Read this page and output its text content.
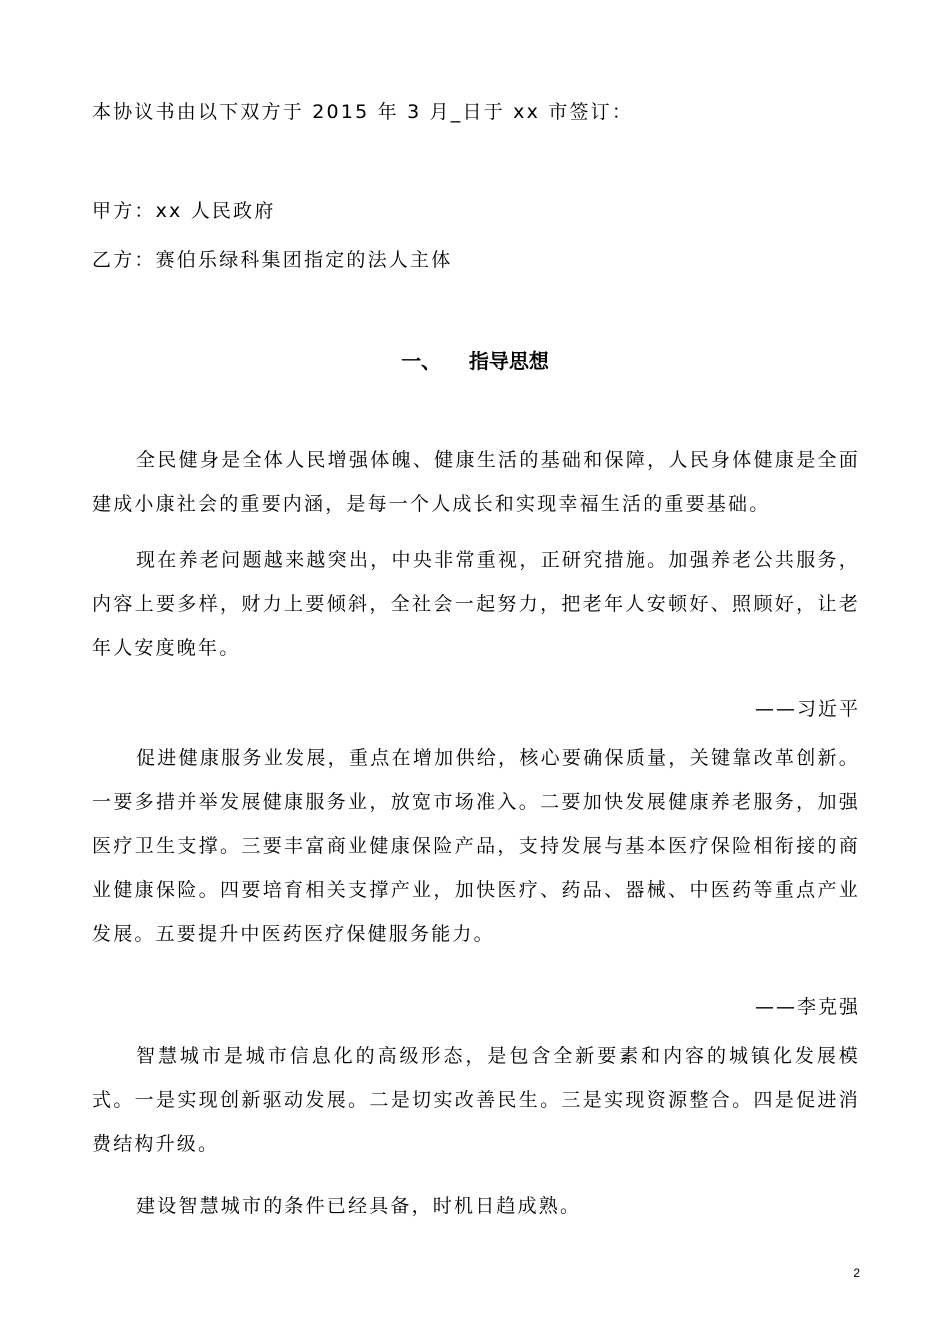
本协议书由以下双方于 2015 年 3 月_日于 xx 市签订：
甲方：xx 人民政府
乙方：赛伯乐绿科集团指定的法人主体
一、    指导思想
全民健身是全体人民增强体魄、健康生活的基础和保障，人民身体健康是全面建成小康社会的重要内涵，是每一个人成长和实现幸福生活的重要基础。
现在养老问题越来越突出，中央非常重视，正研究措施。加强养老公共服务，内容上要多样，财力上要倾斜，全社会一起努力，把老年人安顿好、照顾好，让老年人安度晚年。
——习近平
促进健康服务业发展，重点在增加供给，核心要确保质量，关键靠改革创新。一要多措并举发展健康服务业，放宽市场准入。二要加快发展健康养老服务，加强医疗卫生支撑。三要丰富商业健康保险产品，支持发展与基本医疗保险相衔接的商业健康保险。四要培育相关支撑产业，加快医疗、药品、器械、中医药等重点产业发展。五要提升中医药医疗保健服务能力。
——李克强
智慧城市是城市信息化的高级形态，是包含全新要素和内容的城镇化发展模式。一是实现创新驱动发展。二是切实改善民生。三是实现资源整合。四是促进消费结构升级。
建设智慧城市的条件已经具备，时机日趋成熟。
2
